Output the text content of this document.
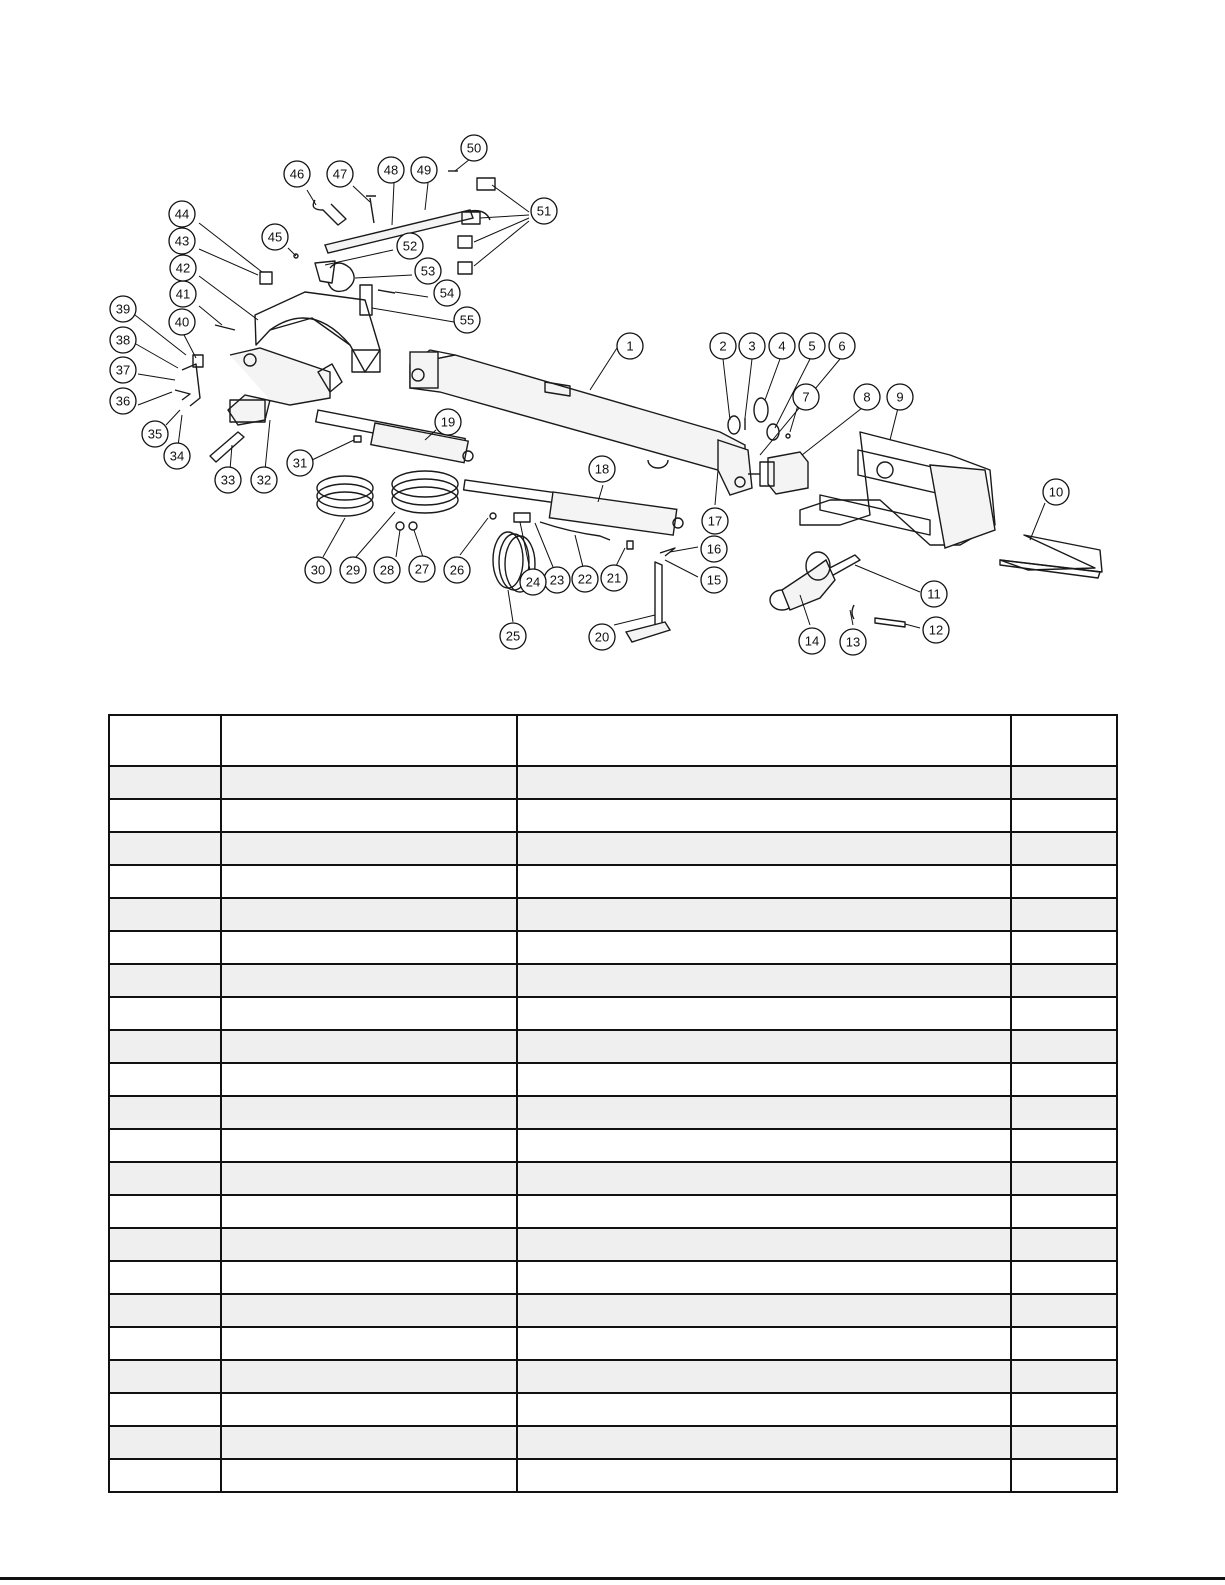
1	2 3 4 5 6
7	8 9
10
11
12
13
14
15
16
17
18
19
20
21
22
23
24
25
26
27
28
29
30
31
32
33
34
35
36
37
38
39
40
41
42
43
44
45
46 47	48 49
50
51
52
53
54
55
